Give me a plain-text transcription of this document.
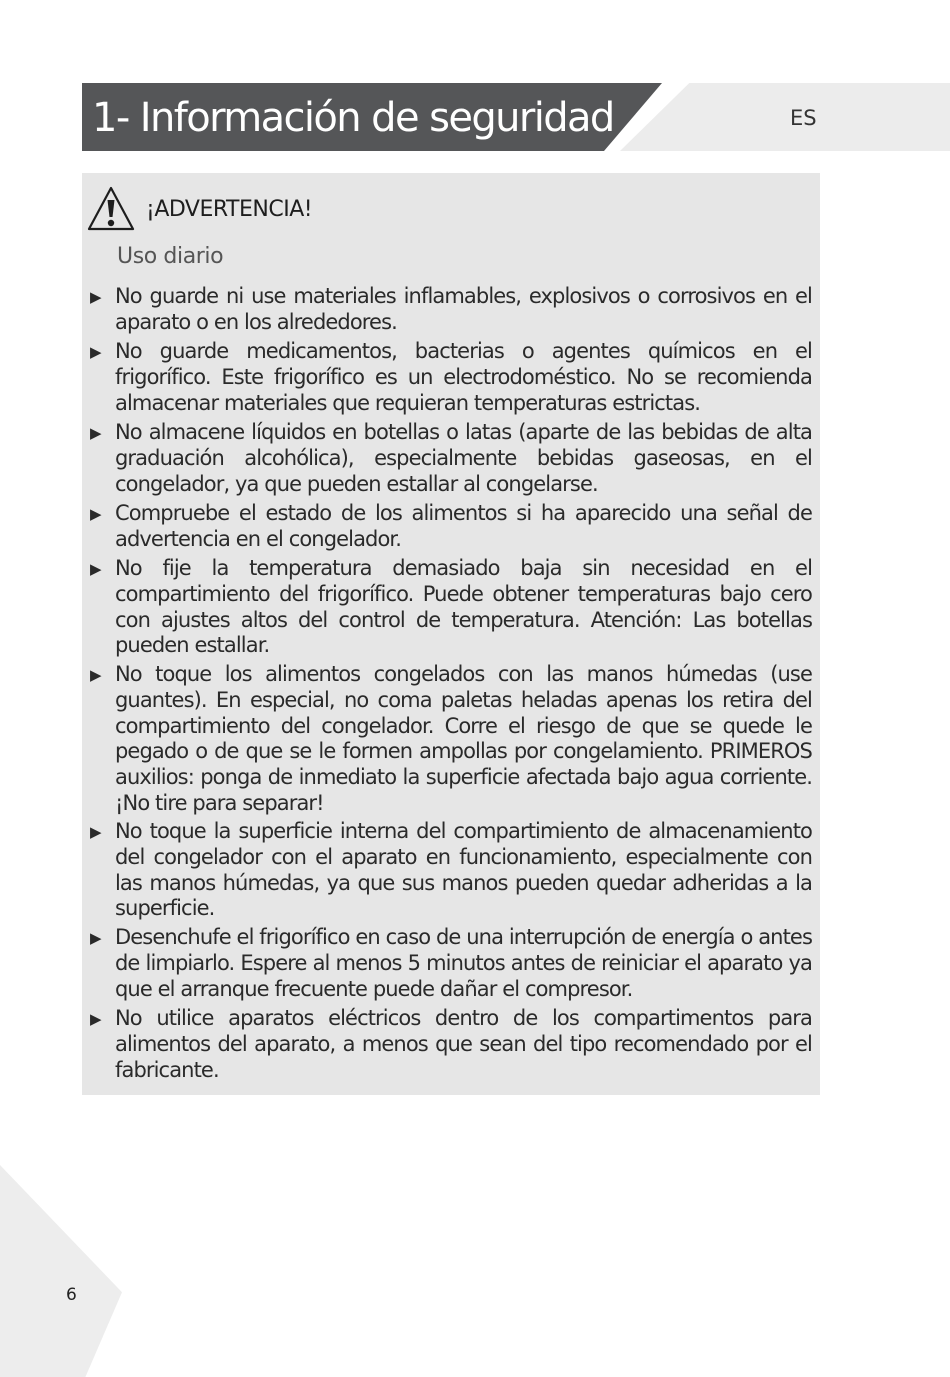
1- Información de seguridad	ES
¡ADVERTENCIA!
Uso diario
▶ No guarde ni use materiales inflamables, explosivos o corrosivos en el aparato o en los alrededores.
▶ No guarde medicamentos, bacterias o agentes químicos en el frigorífico. Este frigorífico es un electrodoméstico. No se recomienda almacenar materiales que requieran temperaturas estrictas.
▶ No almacene líquidos en botellas o latas (aparte de las bebidas de alta graduación alcohólica), especialmente bebidas gaseosas, en el congelador, ya que pueden estallar al congelarse.
▶ Compruebe el estado de los alimentos si ha aparecido una señal de advertencia en el congelador.
▶ No fije la temperatura demasiado baja sin necesidad en el compartimiento del frigorífico. Puede obtener temperaturas bajo cero con ajustes altos del control de temperatura. Atención: Las botellas pueden estallar.
▶ No toque los alimentos congelados con las manos húmedas (use guantes). En especial, no coma paletas heladas apenas los retira del compartimiento del congelador. Corre el riesgo de que se quede le pegado o de que se le formen ampollas por congelamiento. PRIMEROS auxilios: ponga de inmediato la superficie afectada bajo agua corriente. ¡No tire para separar!
▶ No toque la superficie interna del compartimiento de almacenamiento del congelador con el aparato en funcionamiento, especialmente con las manos húmedas, ya que sus manos pueden quedar adheridas a la superficie.
▶ Desenchufe el frigorífico en caso de una interrupción de energía o antes de limpiarlo. Espere al menos 5 minutos antes de reiniciar el aparato ya que el arranque frecuente puede dañar el compresor.
▶ No utilice aparatos eléctricos dentro de los compartimentos para alimentos del aparato, a menos que sean del tipo recomendado por el fabricante.
6
